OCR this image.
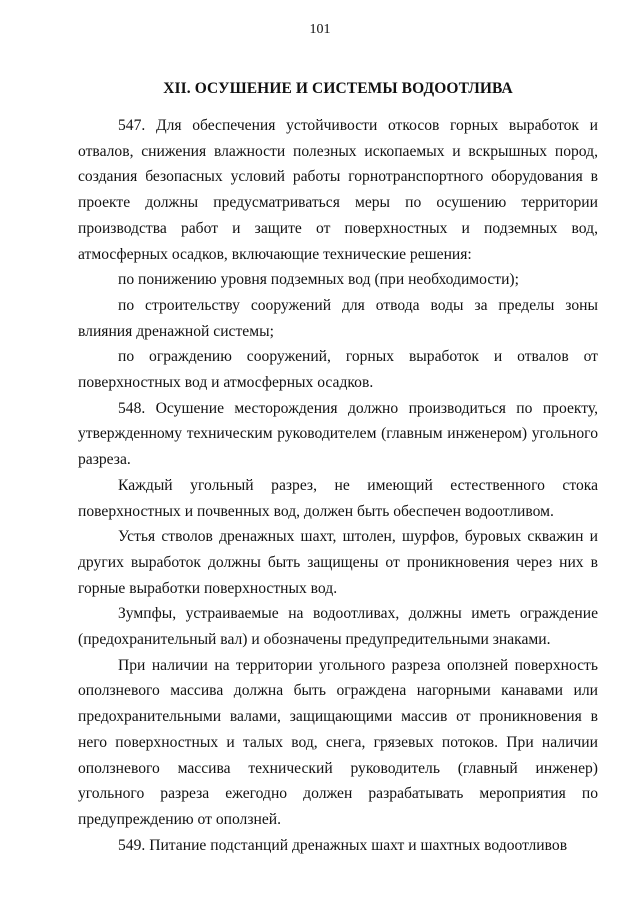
101
XII. ОСУШЕНИЕ И СИСТЕМЫ ВОДООТЛИВА

547. Для обеспечения устойчивости откосов горных выработок и отвалов, снижения влажности полезных ископаемых и вскрышных пород, создания безопасных условий работы горнотранспортного оборудования в проекте должны предусматриваться меры по осушению территории производства работ и защите от поверхностных и подземных вод, атмосферных осадков, включающие технические решения:

по понижению уровня подземных вод (при необходимости);

по строительству сооружений для отвода воды за пределы зоны влияния дренажной системы;

по ограждению сооружений, горных выработок и отвалов от поверхностных вод и атмосферных осадков.

548. Осушение месторождения должно производиться по проекту, утвержденному техническим руководителем (главным инженером) угольного разреза.

Каждый угольный разрез, не имеющий естественного стока поверхностных и почвенных вод, должен быть обеспечен водоотливом.

Устья стволов дренажных шахт, штолен, шурфов, буровых скважин и других выработок должны быть защищены от проникновения через них в горные выработки поверхностных вод.

Зумпфы, устраиваемые на водоотливах, должны иметь ограждение (предохранительный вал) и обозначены предупредительными знаками.

При наличии на территории угольного разреза оползней поверхность оползневого массива должна быть ограждена нагорными канавами или предохранительными валами, защищающими массив от проникновения в него поверхностных и талых вод, снега, грязевых потоков. При наличии оползневого массива технический руководитель (главный инженер) угольного разреза ежегодно должен разрабатывать мероприятия по предупреждению от оползней.

549. Питание подстанций дренажных шахт и шахтных водоотливов
